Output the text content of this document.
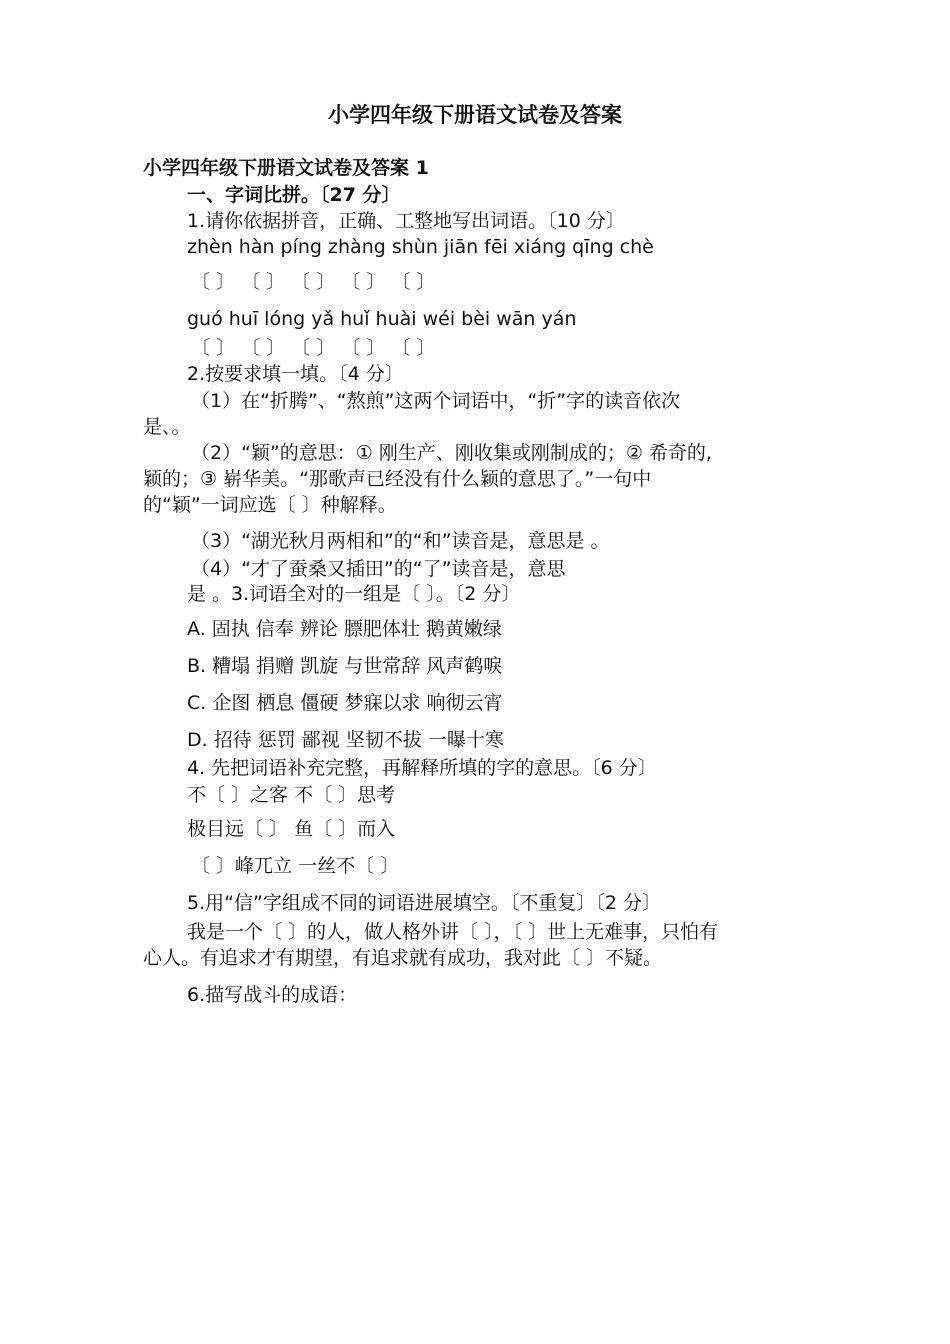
小学四年级下册语文试卷及答案
小学四年级下册语文试卷及答案 1
一、字词比拼。〔27 分〕
1.请你依据拼音，正确、工整地写出词语。〔10 分〕
zhèn hàn píng zhàng shùn jiān fēi xiáng qīng chè
〔 〕 〔 〕 〔 〕 〔 〕 〔 〕
guó huī lóng yǎ huǐ huài wéi bèi wān yán
〔 〕 〔 〕 〔 〕 〔 〕 〔 〕
2.按要求填一填。〔4 分〕
（1）在“折腾”、“熬煎”这两个词语中，“折”字的读音依次
是、。
（2）“颖”的意思：① 刚生产、刚收集或刚制成的；② 希奇的,
颖的；③ 崭华美。“那歌声已经没有什么颖的意思了。”一句中
的“颖”一词应选〔 〕种解释。
（3）“湖光秋月两相和”的“和”读音是，意思是 。
（4）“才了蚕桑又插田”的“了”读音是，意思
是 。3.词语全对的一组是〔 〕。〔2 分〕
A. 固执 信奉 辨论 膘肥体壮 鹅黄嫩绿
B. 糟塌 捐赠 凯旋 与世常辞 风声鹤唳
C. 企图 栖息 僵硬 梦寐以求 响彻云宵
D. 招待 惩罚 鄙视 坚韧不拔 一曝十寒
4. 先把词语补充完整，再解释所填的字的意思。〔6 分〕
不〔 〕之客 不〔 〕思考
极目远〔 〕 鱼〔 〕而入
〔 〕峰兀立 一丝不〔 〕
5.用“信”字组成不同的词语进展填空。〔不重复〕〔2 分〕
我是一个〔 〕的人，做人格外讲〔 〕，〔 〕世上无难事，只怕有
心人。有追求才有期望，有追求就有成功，我对此〔 〕不疑。
6.描写战斗的成语：
